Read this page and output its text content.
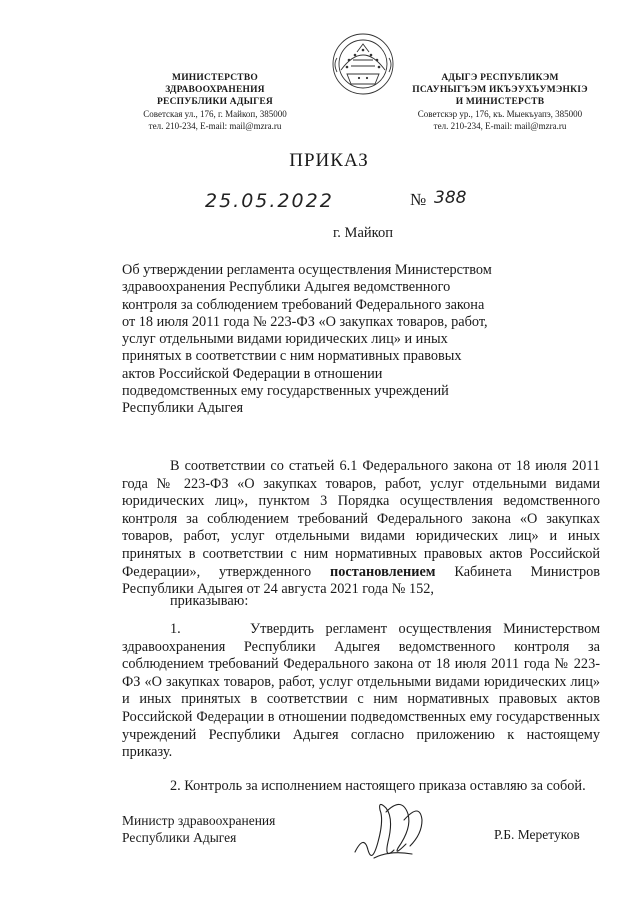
МИНИСТЕРСТВО
ЗДРАВООХРАНЕНИЯ
РЕСПУБЛИКИ АДЫГЕЯ
Советская ул., 176, г. Майкоп, 385000
тел. 210-234, E-mail: mail@mzra.ru
АДЫГЭ РЕСПУБЛИКЭМ
ПСАУНЫГЪЭМ ИКЪЭУХЪУМЭНКIЭ
И МИНИСТЕРСТВ
Советскэр ур., 176, къ. Мыекъуапэ, 385000
тел. 210-234, E-mail: mail@mzra.ru
ПРИКАЗ
25.05.2022	№ 388
г. Майкоп
Об утверждении регламента осуществления Министерством
здравоохранения Республики Адыгея ведомственного
контроля за соблюдением требований Федерального закона
от 18 июля 2011 года № 223-ФЗ «О закупках товаров, работ,
услуг отдельными видами юридических лиц» и иных
принятых в соответствии с ним нормативных правовых
актов Российской Федерации в отношении
подведомственных ему государственных учреждений
Республики Адыгея
В соответствии со статьей 6.1 Федерального закона от 18 июля 2011 года № 223-ФЗ «О закупках товаров, работ, услуг отдельными видами юридических лиц», пунктом 3 Порядка осуществления ведомственного контроля за соблюдением требований Федерального закона «О закупках товаров, работ, услуг отдельными видами юридических лиц» и иных принятых в соответствии с ним нормативных правовых актов Российской Федерации», утвержденного постановлением Кабинета Министров Республики Адыгея от 24 августа 2021 года № 152,
приказываю:
1.	Утвердить регламент осуществления Министерством здравоохранения Республики Адыгея ведомственного контроля за соблюдением требований Федерального закона от 18 июля 2011 года № 223-ФЗ «О закупках товаров, работ, услуг отдельными видами юридических лиц» и иных принятых в соответствии с ним нормативных правовых актов Российской Федерации в отношении подведомственных ему государственных учреждений Республики Адыгея согласно приложению к настоящему приказу.
2. Контроль за исполнением настоящего приказа оставляю за собой.
Министр здравоохранения
Республики Адыгея	Р.Б. Меретуков
